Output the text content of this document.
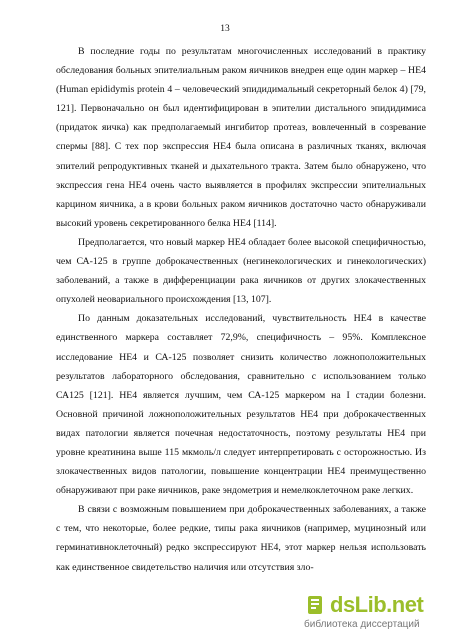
13

В последние годы по результатам многочисленных исследований в практику обследования больных эпителиальным раком яичников внедрен еще один маркер – НЕ4 (Human epididymis protein 4 – человеческий эпидидимальный секреторный белок 4) [79, 121]. Первоначально он был идентифицирован в эпителии дистального эпидидимиса (придаток яичка) как предполагаемый ингибитор протеаз, вовлеченный в созревание спермы [88]. С тех пор экспрессия НЕ4 была описана в различных тканях, включая эпителий репродуктивных тканей и дыхательного тракта. Затем было обнаружено, что экспрессия гена НЕ4 очень часто выявляется в профилях экспрессии эпителиальных карцином яичника, а в крови больных раком яичников достаточно часто обнаруживали высокий уровень секретированного белка НЕ4 [114].

Предполагается, что новый маркер НЕ4 обладает более высокой специфичностью, чем СА-125 в группе доброкачественных (негинекологических и гинекологических) заболеваний, а также в дифференциации рака яичников от других злокачественных опухолей неовариального происхождения [13, 107].

По данным доказательных исследований, чувствительность НЕ4 в качестве единственного маркера составляет 72,9%, специфичность – 95%. Комплексное исследование НЕ4 и СА-125 позволяет снизить количество ложноположительных результатов лабораторного обследования, сравнительно с использованием только СА125 [121]. НЕ4 является лучшим, чем СА-125 маркером на I стадии болезни. Основной причиной ложноположительных результатов НЕ4 при доброкачественных видах патологии является почечная недостаточность, поэтому результаты НЕ4 при уровне креатинина выше 115 мкмоль/л следует интерпретировать с осторожностью. Из злокачественных видов патологии, повышение концентрации НЕ4 преимущественно обнаруживают при раке яичников, раке эндометрия и немелкоклеточном раке легких.

В связи с возможным повышением при доброкачественных заболеваниях, а также с тем, что некоторые, более редкие, типы рака яичников (например, муцинозный или герминативноклеточный) редко экспрессируют НЕ4, этот маркер нельзя использовать как единственное свидетельство наличия или отсутствия зло-

dsLib.net
библиотека диссертаций
